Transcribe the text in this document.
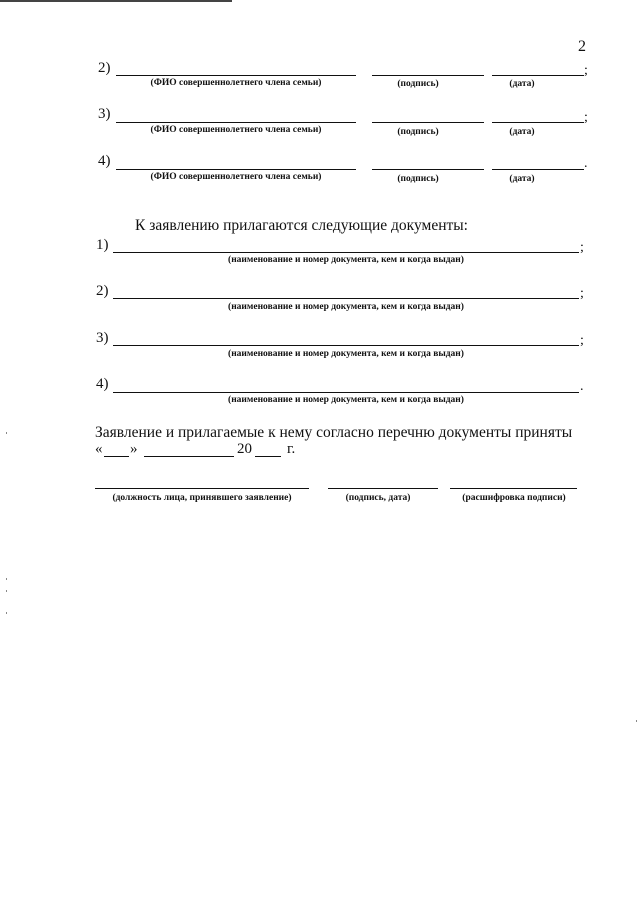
2
2)	;
(ФИО совершеннолетнего члена семьи)	(подпись)	(дата)
3)	;
(ФИО совершеннолетнего члена семьи)	(подпись)	(дата)
4)	.
(ФИО совершеннолетнего члена семьи)	(подпись)	(дата)
К заявлению прилагаются следующие документы:
1)	;
(наименование и номер документа, кем и когда выдан)
2)	;
(наименование и номер документа, кем и когда выдан)
3)	;
(наименование и номер документа, кем и когда выдан)
4)	.
(наименование и номер документа, кем и когда выдан)
Заявление и прилагаемые к нему согласно перечню документы приняты
« »	20 г.
(должность лица, принявшего заявление)	(подпись, дата)	(расшифровка подписи)
